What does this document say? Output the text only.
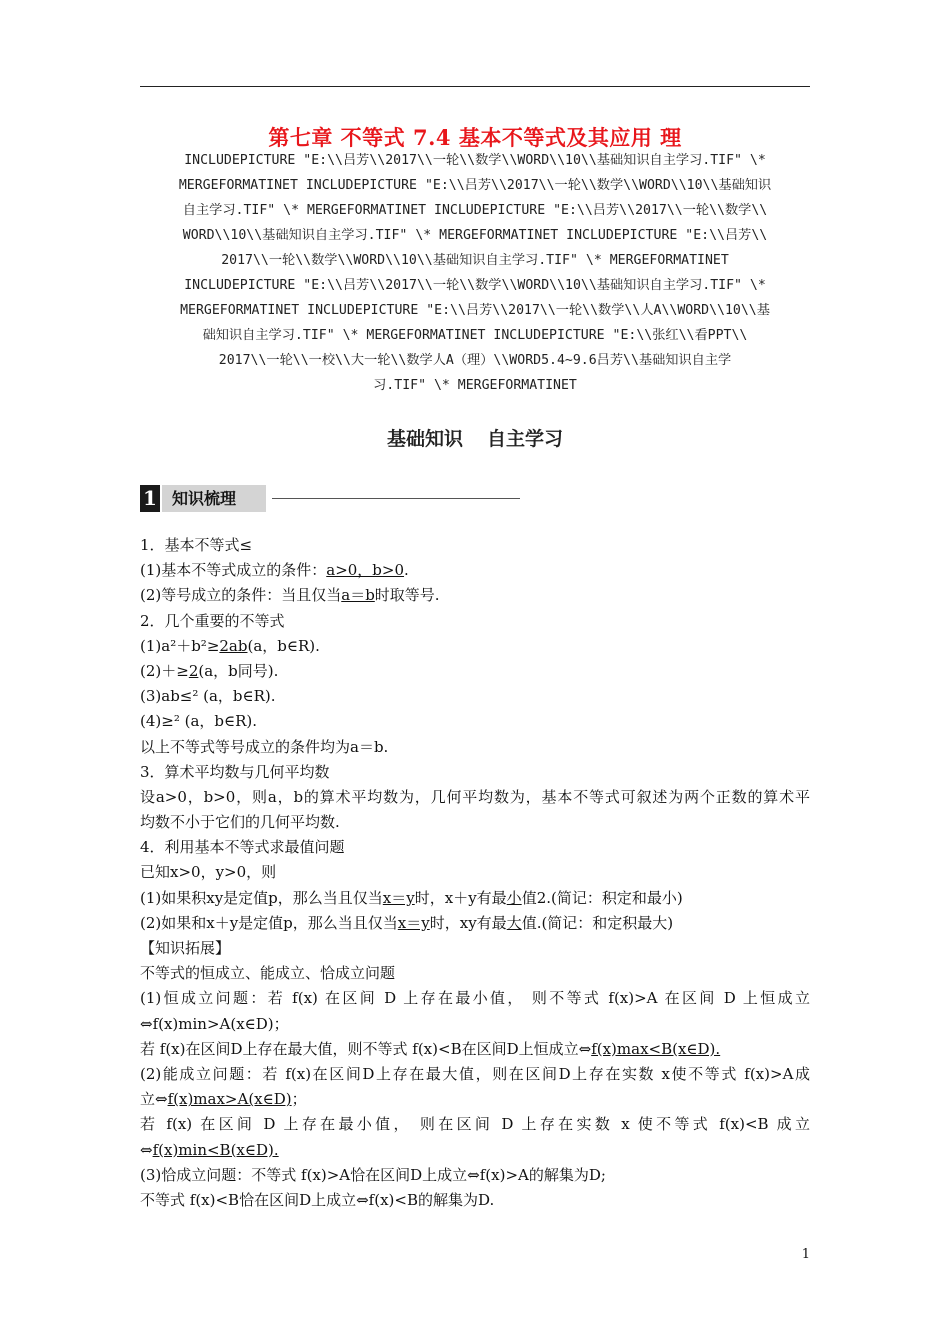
第七章 不等式 7.4 基本不等式及其应用 理
INCLUDEPICTURE "E:\\吕芳\\2017\\一轮\\数学\\WORD\\10\\基础知识自主学习.TIF" \*
MERGEFORMATINET INCLUDEPICTURE "E:\\吕芳\\2017\\一轮\\数学\\WORD\\10\\基础知识
自主学习.TIF" \* MERGEFORMATINET INCLUDEPICTURE "E:\\吕芳\\2017\\一轮\\数学\\
WORD\\10\\基础知识自主学习.TIF" \* MERGEFORMATINET INCLUDEPICTURE "E:\\吕芳\\
2017\\一轮\\数学\\WORD\\10\\基础知识自主学习.TIF" \* MERGEFORMATINET
INCLUDEPICTURE "E:\\吕芳\\2017\\一轮\\数学\\WORD\\10\\基础知识自主学习.TIF" \*
MERGEFORMATINET INCLUDEPICTURE "E:\\吕芳\\2017\\一轮\\数学\\人A\\WORD\\10\\基
础知识自主学习.TIF" \* MERGEFORMATINET INCLUDEPICTURE "E:\\张红\\看PPT\\
2017\\一轮\\一校\\大一轮\\数学人A（理）\\WORD5.4~9.6吕芳\\基础知识自主学
习.TIF" \* MERGEFORMATINET
基础知识 自主学习
1 知识梳理
1．基本不等式≤
(1)基本不等式成立的条件：a>0，b>0.
(2)等号成立的条件：当且仅当a＝b时取等号.
2．几个重要的不等式
(1)a²＋b²≥2ab(a，b∈R).
(2)＋≥2(a，b同号).
(3)ab≤² (a，b∈R).
(4)≥² (a，b∈R).
以上不等式等号成立的条件均为a＝b.
3．算术平均数与几何平均数
设a>0，b>0，则a，b的算术平均数为，几何平均数为，基本不等式可叙述为两个正数的算术平
均数不小于它们的几何平均数.
4．利用基本不等式求最值问题
已知x>0，y>0，则
(1)如果积xy是定值p，那么当且仅当x＝y时，x＋y有最小值2.(简记：积定和最小)
(2)如果和x＋y是定值p，那么当且仅当x＝y时，xy有最大值.(简记：和定积最大)
【知识拓展】
不等式的恒成立、能成立、恰成立问题
(1)恒成立问题：若 f(x) 在区间 D 上存在最小值， 则不等式 f(x)>A 在区间 D 上恒成立
⇔f(x)min>A(x∈D)；
若 f(x)在区间D上存在最大值，则不等式 f(x)<B在区间D上恒成立⇔f(x)max<B(x∈D).
(2)能成立问题：若 f(x)在区间D上存在最大值，则在区间D上存在实数 x使不等式 f(x)>A成
立⇔f(x)max>A(x∈D)；
若 f(x) 在区间 D 上存在最小值， 则在区间 D 上存在实数 x 使不等式 f(x)<B 成立
⇔f(x)min<B(x∈D).
(3)恰成立问题：不等式 f(x)>A恰在区间D上成立⇔f(x)>A的解集为D;
不等式 f(x)<B恰在区间D上成立⇔f(x)<B的解集为D.
1
